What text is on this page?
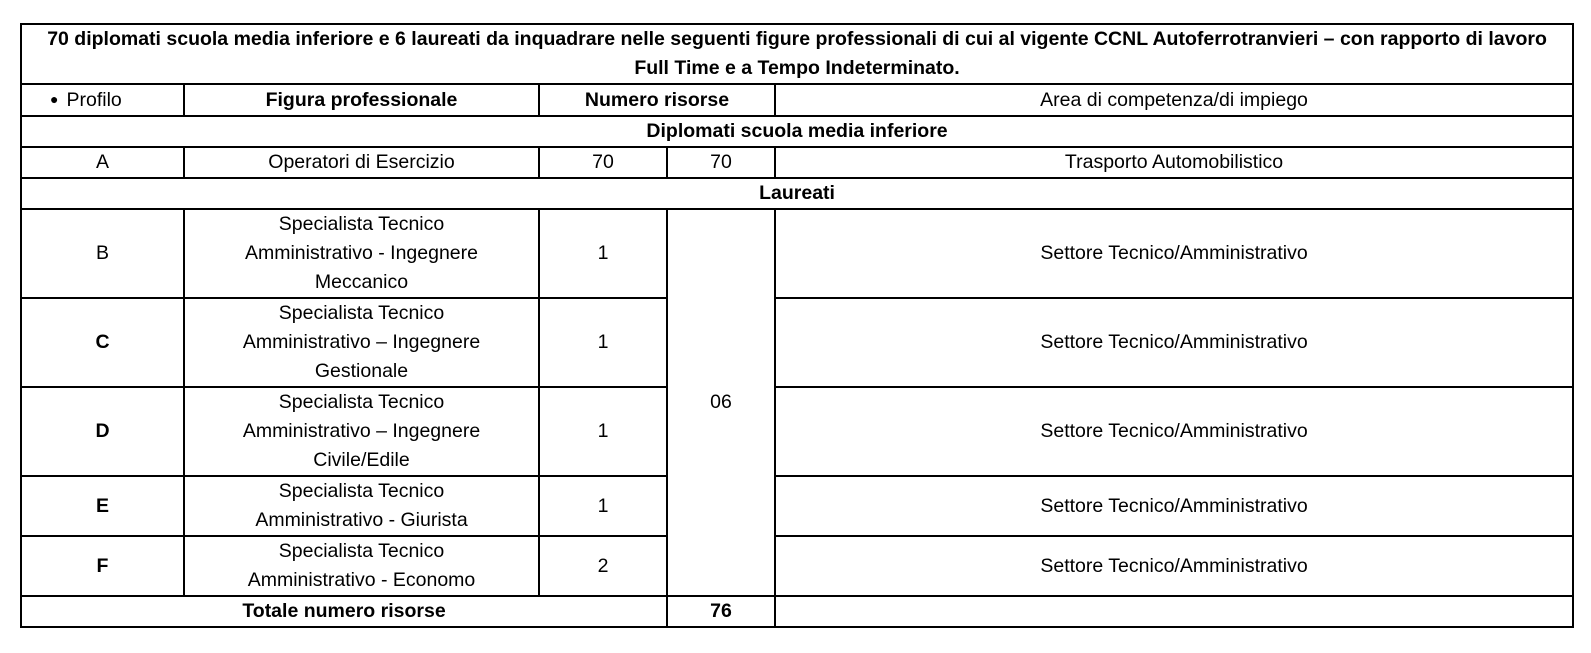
70 diplomati scuola media inferiore e 6 laureati da inquadrare nelle seguenti figure professionali di cui al vigente CCNL Autoferrotranvieri – con rapporto di lavoro Full Time e a Tempo Indeterminato.				
● Profilo	Figura professionale	Numero risorse		Area di competenza/di impiego
Diplomati scuola media inferiore				
A	Operatori di Esercizio	70	70	Trasporto Automobilistico
Laureati				
B	Specialista Tecnico
Amministrativo - Ingegnere
Meccanico	1	06	Settore Tecnico/Amministrativo
C	Specialista Tecnico
Amministrativo – Ingegnere
Gestionale	1		Settore Tecnico/Amministrativo
D	Specialista Tecnico
Amministrativo – Ingegnere
Civile/Edile	1		Settore Tecnico/Amministrativo
E	Specialista Tecnico
Amministrativo - Giurista	1		Settore Tecnico/Amministrativo
F	Specialista Tecnico
Amministrativo - Economo	2		Settore Tecnico/Amministrativo
Totale numero risorse			76	
